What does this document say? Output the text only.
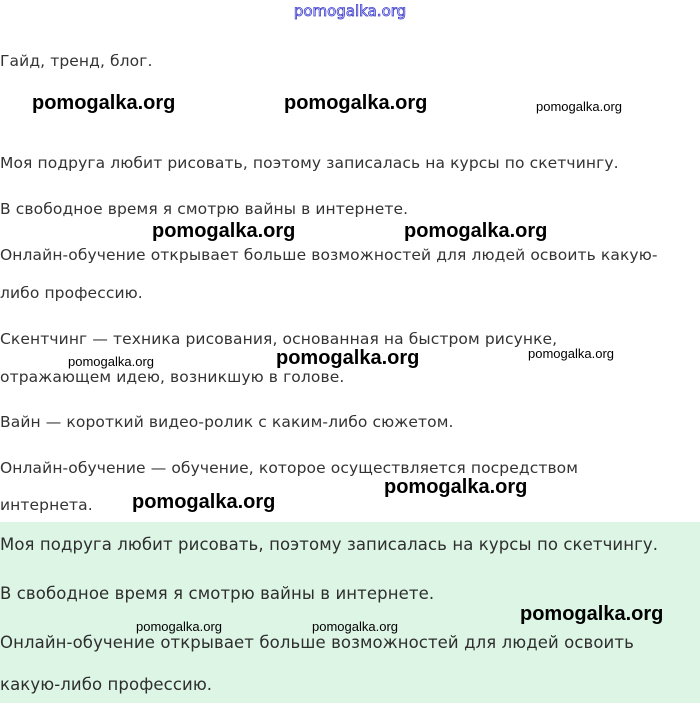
pomogalka.org

Гайд, тренд, блог.

Моя подруга любит рисовать, поэтому записалась на курсы по скетчингу.

В свободное время я смотрю вайны в интернете.

Онлайн-обучение открывает больше возможностей для людей освоить какую-

либо профессию.

Скентчинг — техника рисования, основанная на быстром рисунке,

отражающем идею, возникшую в голове.

Вайн — короткий видео-ролик с каким-либо сюжетом.

Онлайн-обучение — обучение, которое осуществляется посредством

интернета.

Моя подруга любит рисовать, поэтому записалась на курсы по скетчингу.

В свободное время я смотрю вайны в интернете.

Онлайн-обучение открывает больше возможностей для людей освоить

какую-либо профессию.

pomogalka.org	pomogalka.org	pomogalka.org
pomogalka.org	pomogalka.org
pomogalka.org	pomogalka.org	pomogalka.org
pomogalka.org
pomogalka.org
pomogalka.org
pomogalka.org	pomogalka.org
